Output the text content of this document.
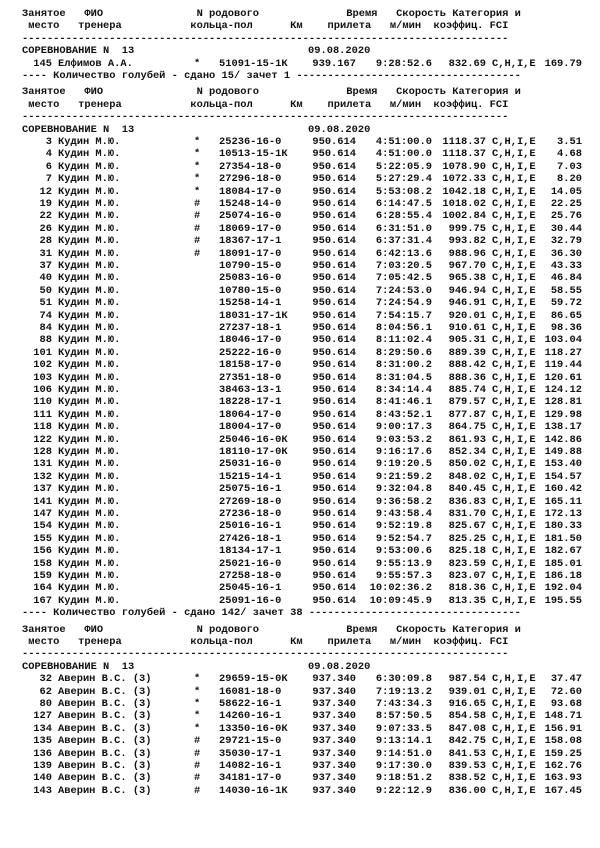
Занятое   ФИО               N родового              Время   Скорость Категория и
место   тренера           кольца-пол      Км    прилета   м/мин  коэффиц. FCI
------------------------------------------------------------------------------
СОРЕВНОВАНИЕ N  13	09.08.2020
145 Елфимов А.А.	* 51091-15-1К	939.167	9:28:52.6	832.69 C,H,I,E 169.79
---- Количество голубей - сдано 15/ зачет 1 ------------------------------------
Занятое   ФИО               N родового              Время   Скорость Категория и
место   тренера           кольца-пол      Км    прилета   м/мин  коэффиц. FCI
------------------------------------------------------------------------------
СОРЕВНОВАНИЕ N  13	09.08.2020
3 Кудин М.Ю.	* 25236-16-0	950.614	4:51:00.0 1118.37 C,H,I,E	3.51
4 Кудин М.Ю.	* 10513-15-1К	950.614	4:51:00.0 1118.37 C,H,I,E	4.68
6 Кудин М.Ю.	* 27354-18-0	950.614	5:22:05.9 1078.90 C,H,I,E	7.03
7 Кудин М.Ю.	* 27296-18-0	950.614	5:27:29.4 1072.33 C,H,I,E	8.20
12 Кудин М.Ю.	* 18084-17-0	950.614	5:53:08.2 1042.18 C,H,I,E	14.05
19 Кудин М.Ю.	# 15248-14-0	950.614	6:14:47.5 1018.02 C,H,I,E	22.25
22 Кудин М.Ю.	# 25074-16-0	950.614	6:28:55.4 1002.84 C,H,I,E	25.76
26 Кудин М.Ю.	# 18069-17-0	950.614	6:31:51.0	999.75 C,H,I,E	30.44
28 Кудин М.Ю.	# 18367-17-1	950.614	6:37:31.4	993.82 C,H,I,E	32.79
31 Кудин М.Ю.	# 18091-17-0	950.614	6:42:13.6	988.96 C,H,I,E	36.30
37 Кудин М.Ю.	10790-15-0	950.614	7:03:20.5	967.70 C,H,I,E	43.33
40 Кудин М.Ю.	25083-16-0	950.614	7:05:42.5	965.38 C,H,I,E	46.84
50 Кудин М.Ю.	10780-15-0	950.614	7:24:53.0	946.94 C,H,I,E	58.55
51 Кудин М.Ю.	15258-14-1	950.614	7:24:54.9	946.91 C,H,I,E	59.72
74 Кудин М.Ю.	18031-17-1К	950.614	7:54:15.7	920.01 C,H,I,E	86.65
84 Кудин М.Ю.	27237-18-1	950.614	8:04:56.1	910.61 C,H,I,E	98.36
88 Кудин М.Ю.	18046-17-0	950.614	8:11:02.4	905.31 C,H,I,E 103.04
101 Кудин М.Ю.	25222-16-0	950.614	8:29:50.6	889.39 C,H,I,E 118.27
102 Кудин М.Ю.	18158-17-0	950.614	8:31:00.2	888.42 C,H,I,E 119.44
103 Кудин М.Ю.	27351-18-0	950.614	8:31:04.5	888.36 C,H,I,E 120.61
106 Кудин М.Ю.	38463-13-1	950.614	8:34:14.4	885.74 C,H,I,E 124.12
110 Кудин М.Ю.	18228-17-1	950.614	8:41:46.1	879.57 C,H,I,E 128.81
111 Кудин М.Ю.	18064-17-0	950.614	8:43:52.1	877.87 C,H,I,E 129.98
118 Кудин М.Ю.	18004-17-0	950.614	9:00:17.3	864.75 C,H,I,E 138.17
122 Кудин М.Ю.	25046-16-0К	950.614	9:03:53.2	861.93 C,H,I,E 142.86
128 Кудин М.Ю.	18110-17-0К	950.614	9:16:17.6	852.34 C,H,I,E 149.88
131 Кудин М.Ю.	25031-16-0	950.614	9:19:20.5	850.02 C,H,I,E 153.40
132 Кудин М.Ю.	15215-14-1	950.614	9:21:59.2	848.02 C,H,I,E 154.57
137 Кудин М.Ю.	25075-16-1	950.614	9:32:04.8	840.45 C,H,I,E 160.42
141 Кудин М.Ю.	27269-18-0	950.614	9:36:58.2	836.83 C,H,I,E 165.11
147 Кудин М.Ю.	27236-18-0	950.614	9:43:58.4	831.70 C,H,I,E 172.13
154 Кудин М.Ю.	25016-16-1	950.614	9:52:19.8	825.67 C,H,I,E 180.33
155 Кудин М.Ю.	27426-18-1	950.614	9:52:54.7	825.25 C,H,I,E 181.50
156 Кудин М.Ю.	18134-17-1	950.614	9:53:00.6	825.18 C,H,I,E 182.67
158 Кудин М.Ю.	25021-16-0	950.614	9:55:13.9	823.59 C,H,I,E 185.01
159 Кудин М.Ю.	27258-18-0	950.614	9:55:57.3	823.07 C,H,I,E 186.18
164 Кудин М.Ю.	25045-16-1	950.614	10:02:36.2	818.36 C,H,I,E 192.04
167 Кудин М.Ю.	25091-16-0	950.614	10:09:45.9	813.35 C,H,I,E 195.55
---- Количество голубей - сдано 142/ зачет 38 ----------------------------------
Занятое   ФИО               N родового              Время   Скорость Категория и
место   тренера           кольца-пол      Км    прилета   м/мин  коэффиц. FCI
------------------------------------------------------------------------------
СОРЕВНОВАНИЕ N  13	09.08.2020
32 Аверин В.С. (3)	* 29659-15-0К	937.340	6:30:09.8	987.54 C,H,I,E	37.47
62 Аверин В.С. (3)	* 16081-18-0	937.340	7:19:13.2	939.01 C,H,I,E	72.60
80 Аверин В.С. (3)	* 58622-16-1	937.340	7:43:34.3	916.65 C,H,I,E	93.68
127 Аверин В.С. (3)	* 14260-16-1	937.340	8:57:50.5	854.58 C,H,I,E 148.71
134 Аверин В.С. (3)	* 13350-16-0К	937.340	9:07:33.5	847.08 C,H,I,E 156.91
135 Аверин В.С. (3)	# 29721-15-0	937.340	9:13:14.1	842.75 C,H,I,E 158.08
136 Аверин В.С. (3)	# 35030-17-1	937.340	9:14:51.0	841.53 C,H,I,E 159.25
139 Аверин В.С. (3)	# 14082-16-1	937.340	9:17:30.0	839.53 C,H,I,E 162.76
140 Аверин В.С. (3)	# 34181-17-0	937.340	9:18:51.2	838.52 C,H,I,E 163.93
143 Аверин В.С. (3)	# 14030-16-1К	937.340	9:22:12.9	836.00 C,H,I,E 167.45
